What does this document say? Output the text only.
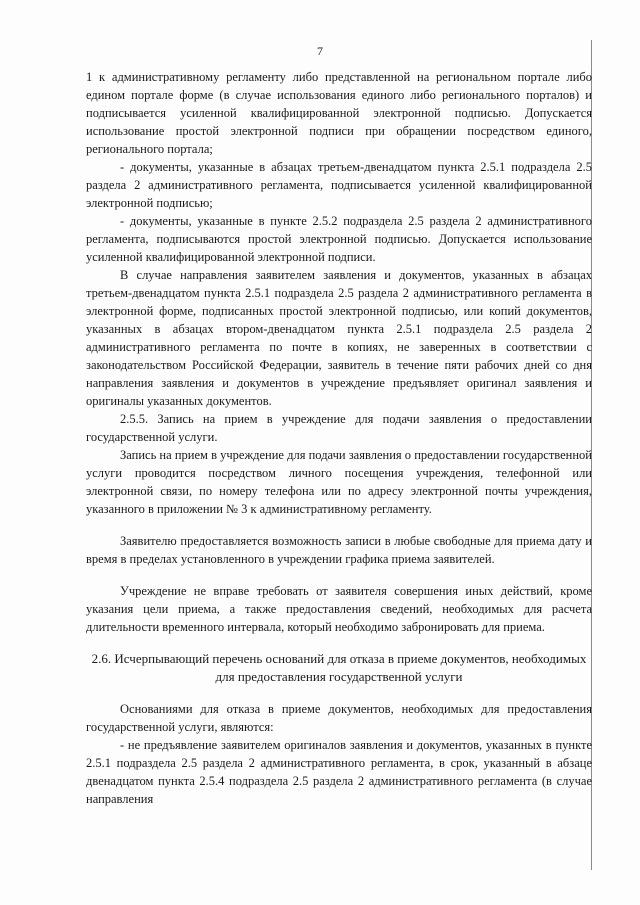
7

1 к административному регламенту либо представленной на региональном портале либо едином портале форме (в случае использования единого либо регионального порталов) и подписывается усиленной квалифицированной электронной подписью. Допускается использование простой электронной подписи при обращении посредством единого, регионального портала;

- документы, указанные в абзацах третьем-двенадцатом пункта 2.5.1 подраздела 2.5 раздела 2 административного регламента, подписывается усиленной квалифицированной электронной подписью;

- документы, указанные в пункте 2.5.2 подраздела 2.5 раздела 2 административного регламента, подписываются простой электронной подписью. Допускается использование усиленной квалифицированной электронной подписи.

В случае направления заявителем заявления и документов, указанных в абзацах третьем-двенадцатом пункта 2.5.1 подраздела 2.5 раздела 2 административного регламента в электронной форме, подписанных простой электронной подписью, или копий документов, указанных в абзацах втором-двенадцатом пункта 2.5.1 подраздела 2.5 раздела 2 административного регламента по почте в копиях, не заверенных в соответствии с законодательством Российской Федерации, заявитель в течение пяти рабочих дней со дня направления заявления и документов в учреждение предъявляет оригинал заявления и оригиналы указанных документов.

2.5.5. Запись на прием в учреждение для подачи заявления о предоставлении государственной услуги.

Запись на прием в учреждение для подачи заявления о предоставлении государственной услуги проводится посредством личного посещения учреждения, телефонной или электронной связи, по номеру телефона или по адресу электронной почты учреждения, указанного в приложении № 3 к административному регламенту.

Заявителю предоставляется возможность записи в любые свободные для приема дату и время в пределах установленного в учреждении графика приема заявителей.

Учреждение не вправе требовать от заявителя совершения иных действий, кроме указания цели приема, а также предоставления сведений, необходимых для расчета длительности временного интервала, который необходимо забронировать для приема.

2.6. Исчерпывающий перечень оснований для отказа в приеме документов, необходимых для предоставления государственной услуги

Основаниями для отказа в приеме документов, необходимых для предоставления государственной услуги, являются:

- не предъявление заявителем оригиналов заявления и документов, указанных в пункте 2.5.1 подраздела 2.5 раздела 2 административного регламента, в срок, указанный в абзаце двенадцатом пункта 2.5.4 подраздела 2.5 раздела 2 административного регламента (в случае направления
